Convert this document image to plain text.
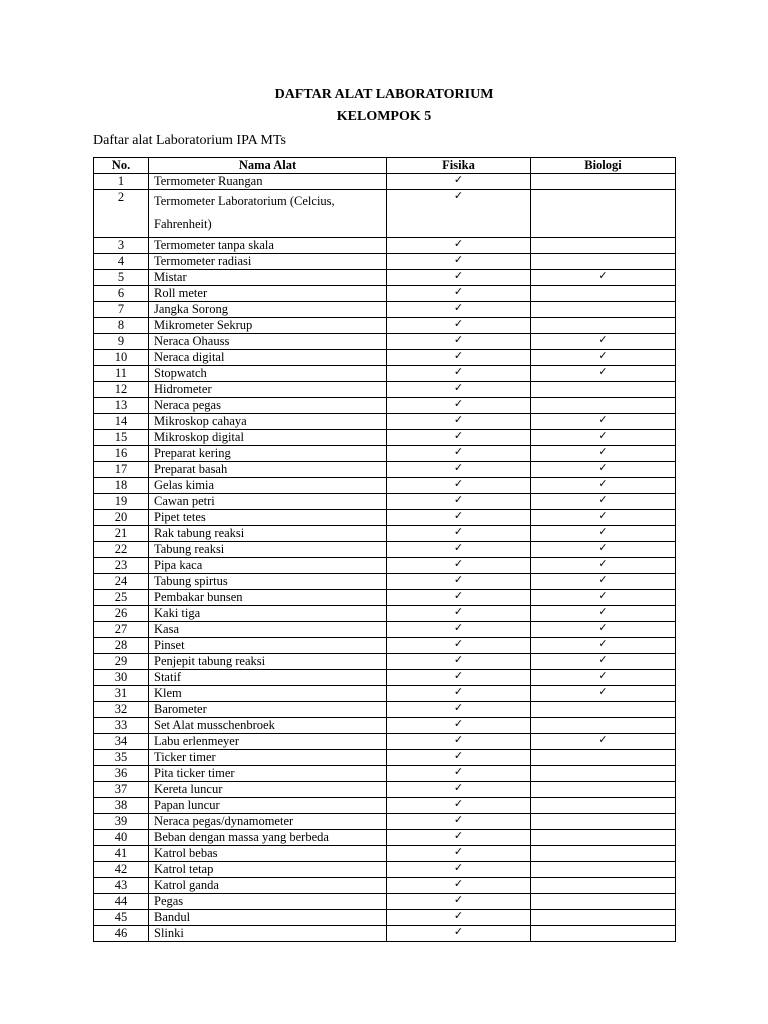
DAFTAR ALAT LABORATORIUM
KELOMPOK 5
Daftar alat Laboratorium IPA MTs
No.	Nama Alat	Fisika	Biologi
1	Termometer Ruangan	✓	
2	Termometer Laboratorium (Celcius, Fahrenheit)	✓	
3	Termometer tanpa skala	✓	
4	Termometer radiasi	✓	
5	Mistar	✓	✓
6	Roll meter	✓	
7	Jangka Sorong	✓	
8	Mikrometer Sekrup	✓	
9	Neraca Ohauss	✓	✓
10	Neraca digital	✓	✓
11	Stopwatch	✓	✓
12	Hidrometer	✓	
13	Neraca pegas	✓	
14	Mikroskop cahaya	✓	✓
15	Mikroskop digital	✓	✓
16	Preparat kering	✓	✓
17	Preparat basah	✓	✓
18	Gelas kimia	✓	✓
19	Cawan petri	✓	✓
20	Pipet tetes	✓	✓
21	Rak tabung reaksi	✓	✓
22	Tabung reaksi	✓	✓
23	Pipa kaca	✓	✓
24	Tabung spirtus	✓	✓
25	Pembakar bunsen	✓	✓
26	Kaki tiga	✓	✓
27	Kasa	✓	✓
28	Pinset	✓	✓
29	Penjepit tabung reaksi	✓	✓
30	Statif	✓	✓
31	Klem	✓	✓
32	Barometer	✓	
33	Set Alat musschenbroek	✓	
34	Labu erlenmeyer	✓	✓
35	Ticker timer	✓	
36	Pita ticker timer	✓	
37	Kereta luncur	✓	
38	Papan luncur	✓	
39	Neraca pegas/dynamometer	✓	
40	Beban dengan massa yang berbeda	✓	
41	Katrol bebas	✓	
42	Katrol tetap	✓	
43	Katrol ganda	✓	
44	Pegas	✓	
45	Bandul	✓	
46	Slinki	✓	
